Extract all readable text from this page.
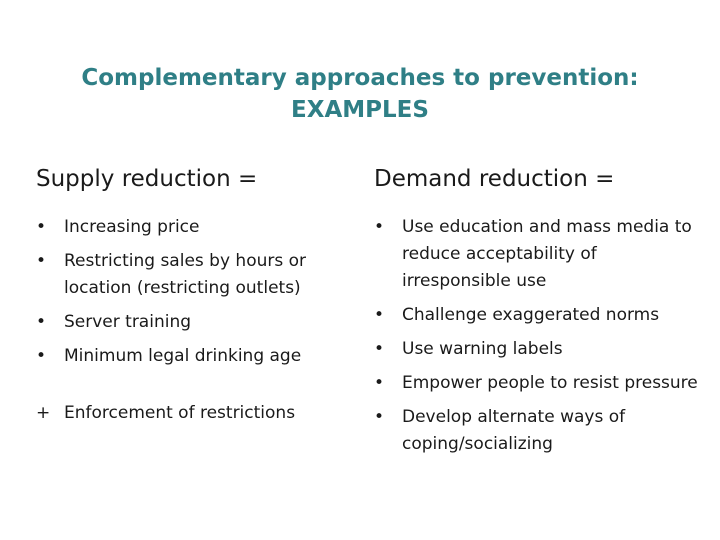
Complementary approaches to prevention:
EXAMPLES
Supply reduction =
•	Increasing price
•	Restricting sales by hours or location (restricting outlets)
•	Server training
•	Minimum legal drinking age
+ Enforcement of restrictions
Demand reduction =
•	Use education and mass media to reduce acceptability of irresponsible use
•	Challenge exaggerated norms
•	Use warning labels
•	Empower people to resist pressure
•	Develop alternate ways of coping/socializing
